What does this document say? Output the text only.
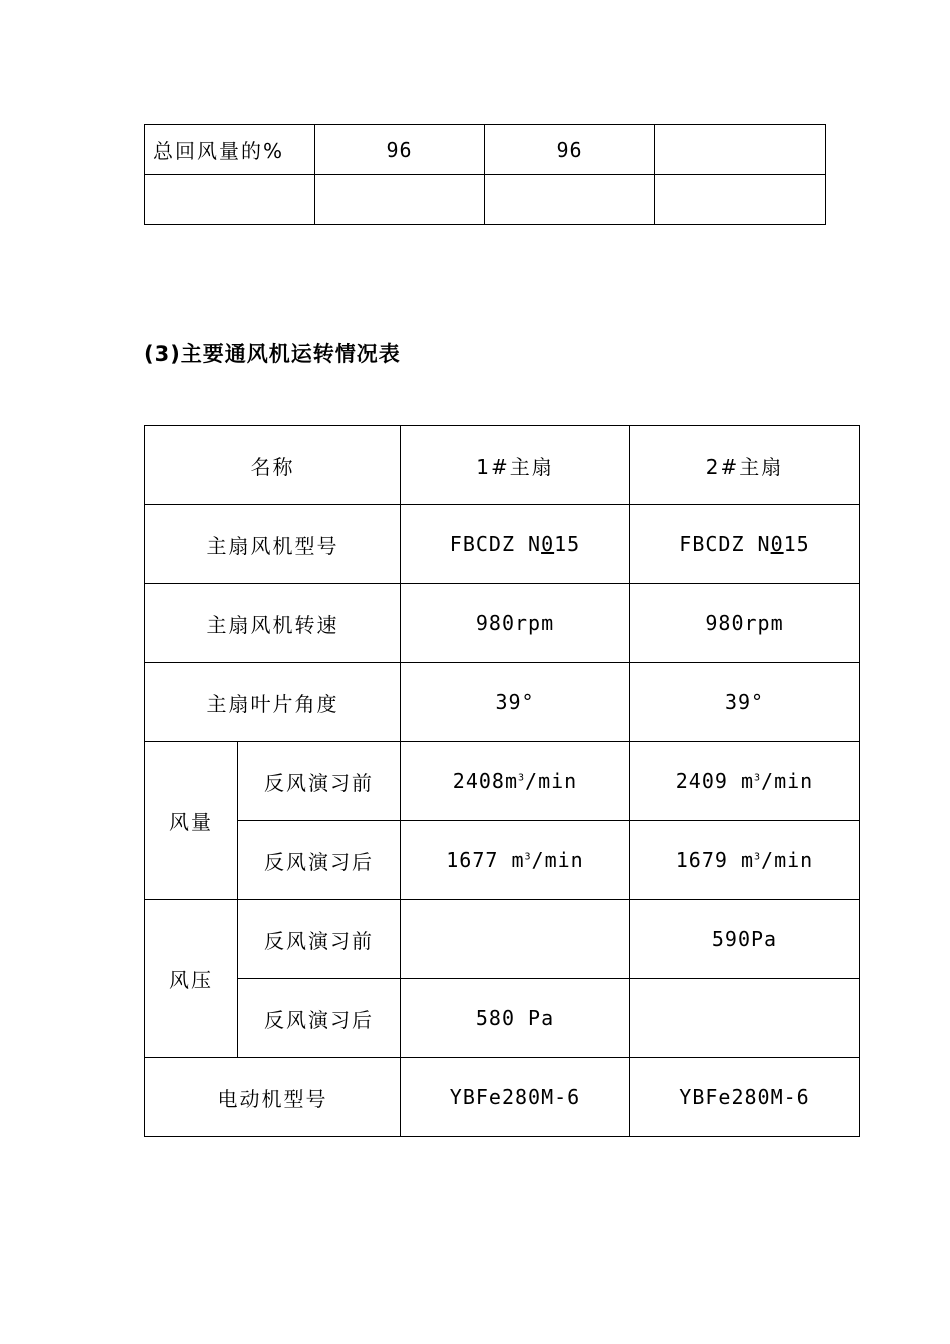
总回风量的%	96	96	

(3)主要通风机运转情况表
名称		1#主扇	2#主扇
主扇风机型号		FBCDZ N015	FBCDZ N015
主扇风机转速		980rpm	980rpm
主扇叶片角度		39°	39°
风量	反风演习前	$2408m^3/\min$	2409 $m^3/\min$
	反风演习后	1677 $m^3/\min$	1679 $m^3/\min$
风压	反风演习前		590Pa
	反风演习后	580 Pa	
电动机型号		YBFe280M-6	YBFe280M-6
